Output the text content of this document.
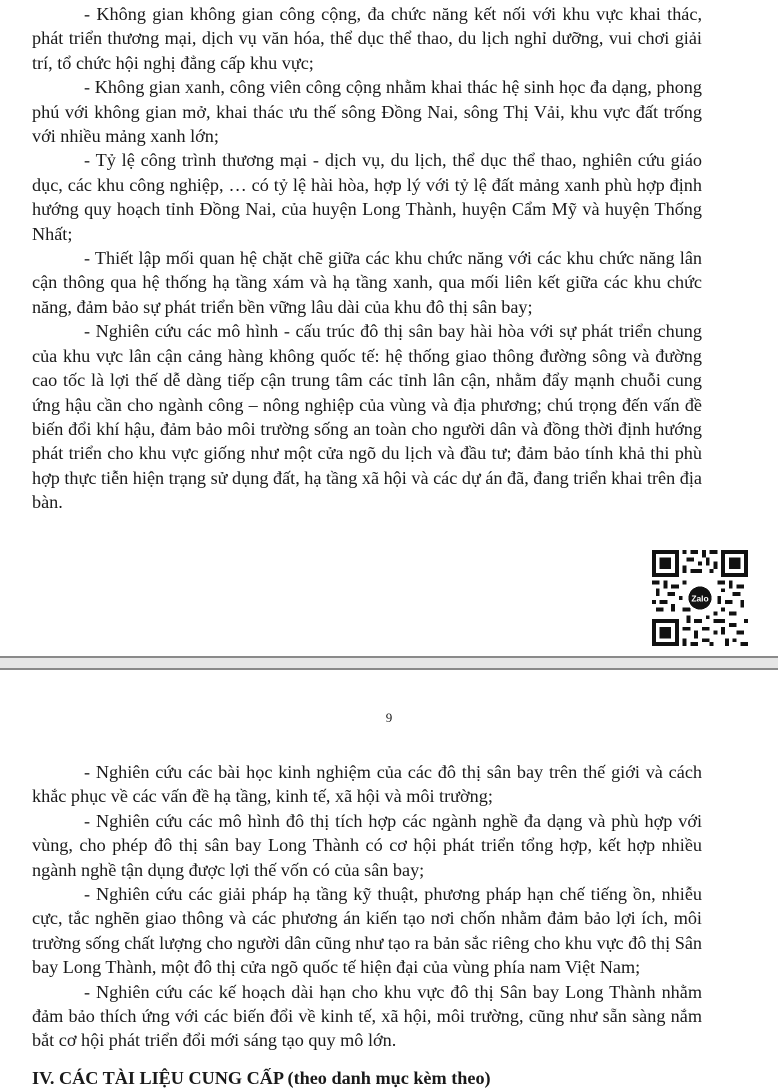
- Không gian không gian công cộng, đa chức năng kết nối với khu vực khai thác, phát triển thương mại, dịch vụ văn hóa, thể dục thể thao, du lịch nghỉ dưỡng, vui chơi giải trí, tổ chức hội nghị đẳng cấp khu vực;

- Không gian xanh, công viên công cộng nhằm khai thác hệ sinh học đa dạng, phong phú với không gian mở, khai thác ưu thế sông Đồng Nai, sông Thị Vải, khu vực đất trống với nhiều mảng xanh lớn;

- Tỷ lệ công trình thương mại - dịch vụ, du lịch, thể dục thể thao, nghiên cứu giáo dục, các khu công nghiệp, … có tỷ lệ hài hòa, hợp lý với tỷ lệ đất mảng xanh phù hợp định hướng quy hoạch tỉnh Đồng Nai, của huyện Long Thành, huyện Cẩm Mỹ và huyện Thống Nhất;

- Thiết lập mối quan hệ chặt chẽ giữa các khu chức năng với các khu chức năng lân cận thông qua hệ thống hạ tầng xám và hạ tầng xanh, qua mối liên kết giữa các khu chức năng, đảm bảo sự phát triển bền vững lâu dài của khu đô thị sân bay;

- Nghiên cứu các mô hình - cấu trúc đô thị sân bay hài hòa với sự phát triển chung của khu vực lân cận cảng hàng không quốc tế: hệ thống giao thông đường sông và đường cao tốc là lợi thế dễ dàng tiếp cận trung tâm các tỉnh lân cận, nhằm đẩy mạnh chuỗi cung ứng hậu cần cho ngành công – nông nghiệp của vùng và địa phương; chú trọng đến vấn đề biến đổi khí hậu, đảm bảo môi trường sống an toàn cho người dân và đồng thời định hướng phát triển cho khu vực giống như một cửa ngõ du lịch và đầu tư; đảm bảo tính khả thi phù hợp thực tiễn hiện trạng sử dụng đất, hạ tầng xã hội và các dự án đã, đang triển khai trên địa bàn.

Zalo
9

- Nghiên cứu các bài học kinh nghiệm của các đô thị sân bay trên thế giới và cách khắc phục về các vấn đề hạ tầng, kinh tế, xã hội và môi trường;

- Nghiên cứu các mô hình đô thị tích hợp các ngành nghề đa dạng và phù hợp với vùng, cho phép đô thị sân bay Long Thành có cơ hội phát triển tổng hợp, kết hợp nhiều ngành nghề tận dụng được lợi thế vốn có của sân bay;

- Nghiên cứu các giải pháp hạ tầng kỹ thuật, phương pháp hạn chế tiếng ồn, nhiễu cực, tắc nghẽn giao thông và các phương án kiến tạo nơi chốn nhằm đảm bảo lợi ích, môi trường sống chất lượng cho người dân cũng như tạo ra bản sắc riêng cho khu vực đô thị Sân bay Long Thành, một đô thị cửa ngõ quốc tế hiện đại của vùng phía nam Việt Nam;

- Nghiên cứu các kế hoạch dài hạn cho khu vực đô thị Sân bay Long Thành nhằm đảm bảo thích ứng với các biến đổi về kinh tế, xã hội, môi trường, cũng như sẵn sàng nắm bắt cơ hội phát triển đổi mới sáng tạo quy mô lớn.

IV. CÁC TÀI LIỆU CUNG CẤP (theo danh mục kèm theo)
